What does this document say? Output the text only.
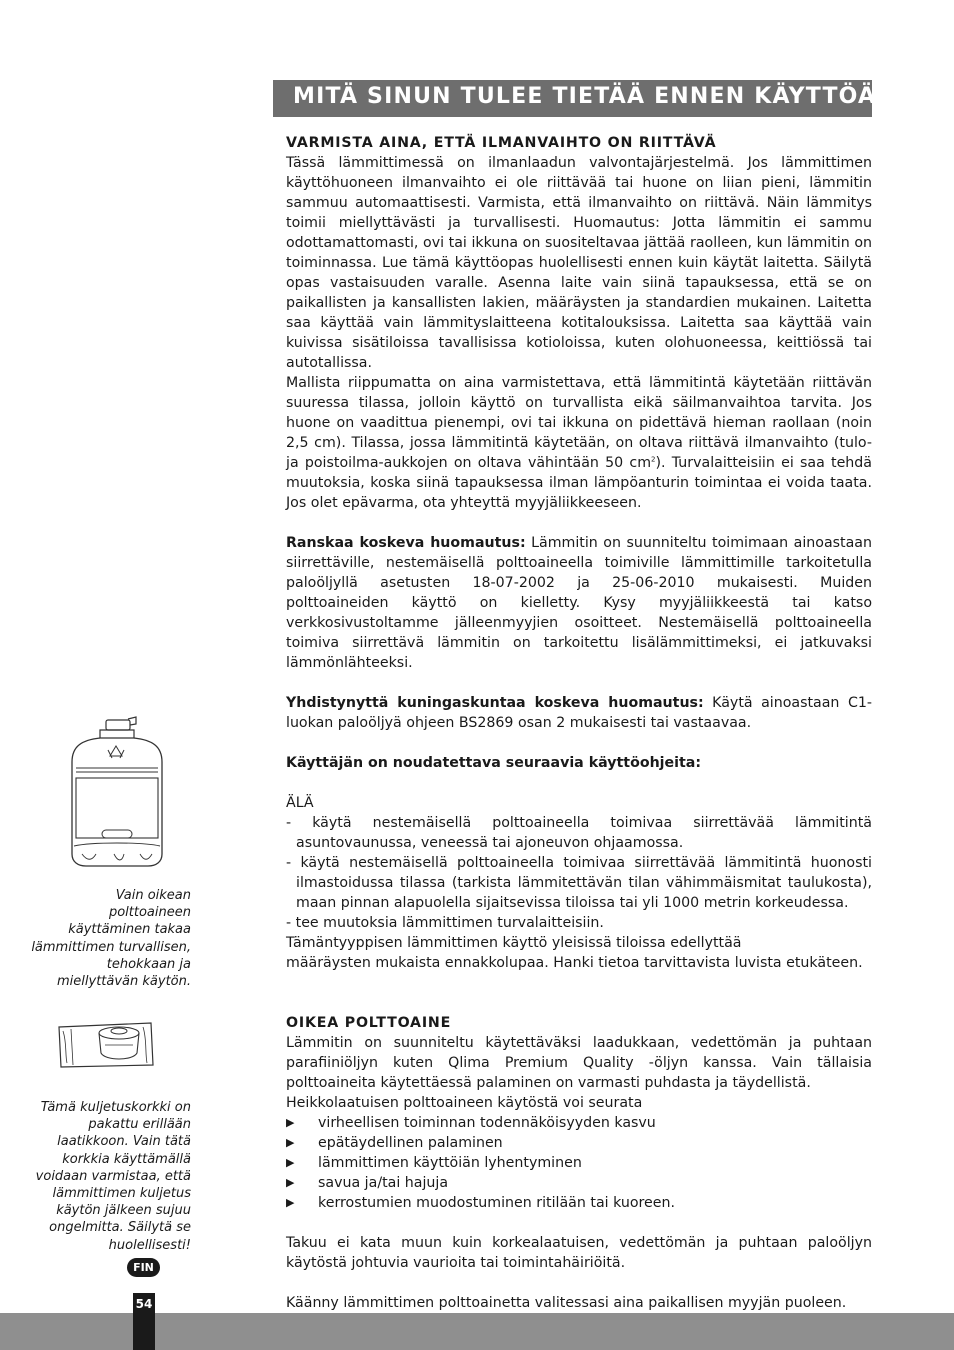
MITÄ SINUN TULEE TIETÄÄ ENNEN KÄYTTÖÄ

VARMISTA AINA, ETTÄ ILMANVAIHTO ON RIITTÄVÄ

Tässä lämmittimessä on ilmanlaadun valvontajärjestelmä. Jos lämmittimen käyttöhuoneen ilmanvaihto ei ole riittävää tai huone on liian pieni, lämmitin sammuu automaattisesti. Varmista, että ilmanvaihto on riittävä. Näin lämmitys toimii miellyttävästi ja turvallisesti. Huomautus: Jotta lämmitin ei sammu odottamattomasti, ovi tai ikkuna on suositeltavaa jättää raolleen, kun lämmitin on toiminnassa. Lue tämä käyttöopas huolellisesti ennen kuin käytät laitetta. Säilytä opas vastaisuuden varalle. Asenna laite vain siinä tapauksessa, että se on paikallisten ja kansallisten lakien, määräysten ja standardien mukainen. Laitetta saa käyttää vain lämmityslaitteena kotitalouksissa. Laitetta saa käyttää vain kuivissa sisätiloissa tavallisissa kotioloissa, kuten olohuoneessa, keittiössä tai autotallissa.

Mallista riippumatta on aina varmistettava, että lämmitintä käytetään riittävän suuressa tilassa, jolloin käyttö on turvallista eikä säilmanvaihtoa tarvita. Jos huone on vaadittua pienempi, ovi tai ikkuna on pidettävä hieman raollaan (noin 2,5 cm). Tilassa, jossa lämmitintä käytetään, on oltava riittävä ilmanvaihto (tulo- ja poistoilma-aukkojen on oltava vähintään 50 $cm^2$). Turvalaitteisiin ei saa tehdä muutoksia, koska siinä tapauksessa ilman lämpöanturin toimintaa ei voida taata. Jos olet epävarma, ota yhteyttä myyjäliikkeeseen.

Ranskaa koskeva huomautus: Lämmitin on suunniteltu toimimaan ainoastaan siirrettäville, nestemäisellä polttoaineella toimiville lämmittimille tarkoitetulla paloöljyllä asetusten 18-07-2002 ja 25-06-2010 mukaisesti. Muiden polttoaineiden käyttö on kielletty. Kysy myyjäliikkeestä tai katso verkkosivustoltamme jälleenmyyjien osoitteet. Nestemäisellä polttoaineella toimiva siirrettävä lämmitin on tarkoitettu lisälämmittimeksi, ei jatkuvaksi lämmönlähteeksi.

Yhdistynyttä kuningaskuntaa koskeva huomautus: Käytä ainoastaan C1-luokan paloöljyä ohjeen BS2869 osan 2 mukaisesti tai vastaavaa.

Käyttäjän on noudatettava seuraavia käyttöohjeita:

ÄLÄ

- käytä nestemäisellä polttoaineella toimivaa siirrettävää lämmitintä asuntovaunussa, veneessä tai ajoneuvon ohjaamossa.

- käytä nestemäisellä polttoaineella toimivaa siirrettävää lämmitintä huonosti ilmastoidussa tilassa (tarkista lämmitettävän tilan vähimmäismitat taulukosta), maan pinnan alapuolella sijaitsevissa tiloissa tai yli 1000 metrin korkeudessa.

- tee muutoksia lämmittimen turvalaitteisiin.

Tämäntyyppisen lämmittimen käyttö yleisissä tiloissa edellyttää

määräysten mukaista ennakkolupaa. Hanki tietoa tarvittavista luvista etukäteen.

OIKEA POLTTOAINE

Lämmitin on suunniteltu käytettäväksi laadukkaan, vedettömän ja puhtaan parafiiniöljyn kuten Qlima Premium Quality -öljyn kanssa. Vain tällaisia polttoaineita käytettäessä palaminen on varmasti puhdasta ja täydellistä.

Heikkolaatuisen polttoaineen käytöstä voi seurata

▶ virheellisen toiminnan todennäköisyyden kasvu
▶ epätäydellinen palaminen
▶ lämmittimen käyttöiän lyhentyminen
▶ savua ja/tai hajuja
▶ kerrostumien muodostuminen ritilään tai kuoreen.

Takuu ei kata muun kuin korkealaatuisen, vedettömän ja puhtaan paloöljyn käytöstä johtuvia vaurioita tai toimintahäiriöitä.

Käänny lämmittimen polttoainetta valitessasi aina paikallisen myyjän puoleen.

Vain oikean polttoaineen käyttäminen takaa lämmittimen turvallisen, tehokkaan ja miellyttävän käytön.

Tämä kuljetuskorkki on pakattu erillään laatikkoon. Vain tätä korkkia käyttämällä voidaan varmistaa, että lämmittimen kuljetus käytön jälkeen sujuu ongelmitta. Säilytä se huolellisesti!

FIN
54
